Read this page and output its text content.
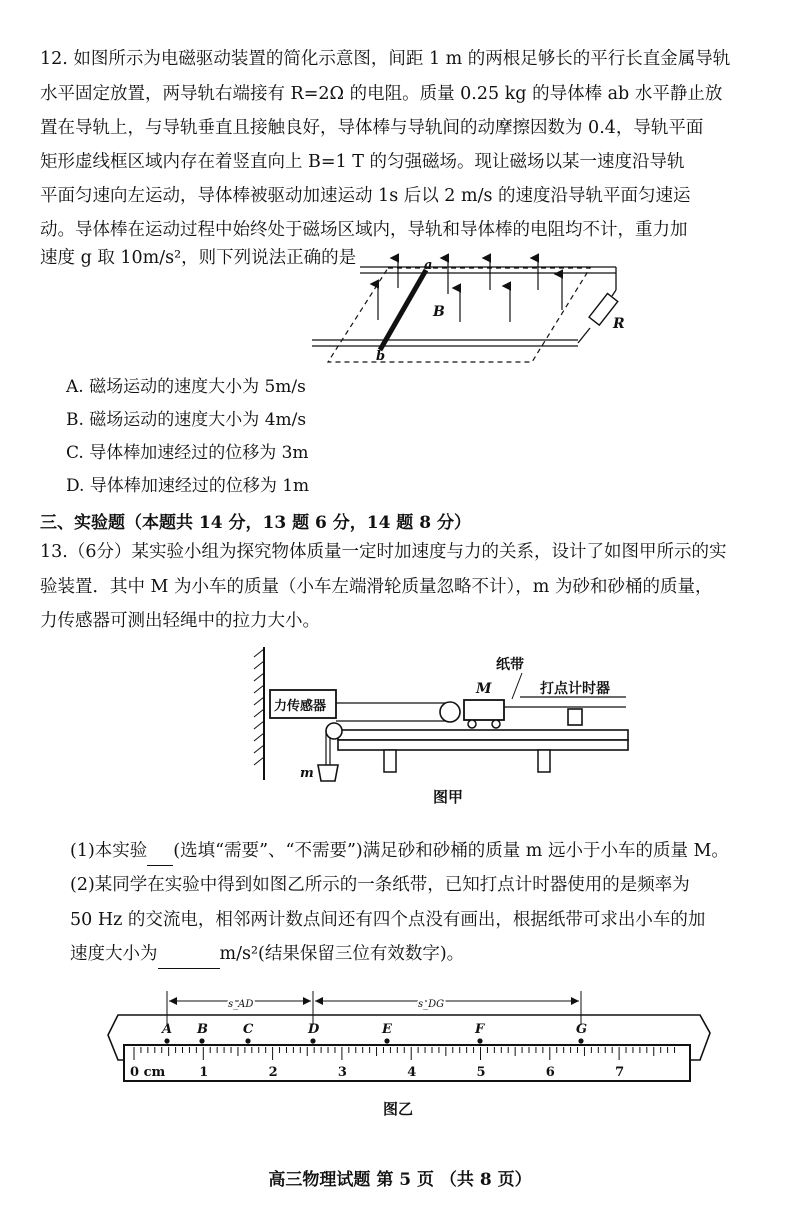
12. 如图所示为电磁驱动装置的简化示意图，间距 1 m 的两根足够长的平行长直金属导轨

水平固定放置，两导轨右端接有 R=2Ω 的电阻。质量 0.25 kg 的导体棒 ab 水平静止放

置在导轨上，与导轨垂直且接触良好，导体棒与导轨间的动摩擦因数为 0.4，导轨平面

矩形虚线框区域内存在着竖直向上 B=1 T 的匀强磁场。现让磁场以某一速度沿导轨

平面匀速向左运动，导体棒被驱动加速运动 1s 后以 2 m/s 的速度沿导轨平面匀速运

动。导体棒在运动过程中始终处于磁场区域内，导轨和导体棒的电阻均不计，重力加

速度 g 取 10m/s²，则下列说法正确的是	a
b
B
R

A. 磁场运动的速度大小为 5m/s

B. 磁场运动的速度大小为 4m/s

C. 导体棒加速经过的位移为 3m

D. 导体棒加速经过的位移为 1m

三、实验题（本题共 14 分，13 题 6 分，14 题 8 分）

13.（6分）某实验小组为探究物体质量一定时加速度与力的关系，设计了如图甲所示的实

验装置．其中 M 为小车的质量（小车左端滑轮质量忽略不计），m 为砂和砂桶的质量，

力传感器可测出轻绳中的拉力大小。

力传感器
M
纸带
打点计时器
m

图甲

(1)本实验 (选填“需要”、“不需要”)满足砂和砂桶的质量 m 远小于小车的质量 M。

(2)某同学在实验中得到如图乙所示的一条纸带，已知打点计时器使用的是频率为

50 Hz 的交流电，相邻两计数点间还有四个点没有画出，根据纸带可求出小车的加

速度大小为	m/s²(结果保留三位有效数字)。

0 cm	1	2	3	4	5	6	7
s_AD	s_DG
A B	C	D	E	F	G

图乙

高三物理试题 第 5 页 （共 8 页）
